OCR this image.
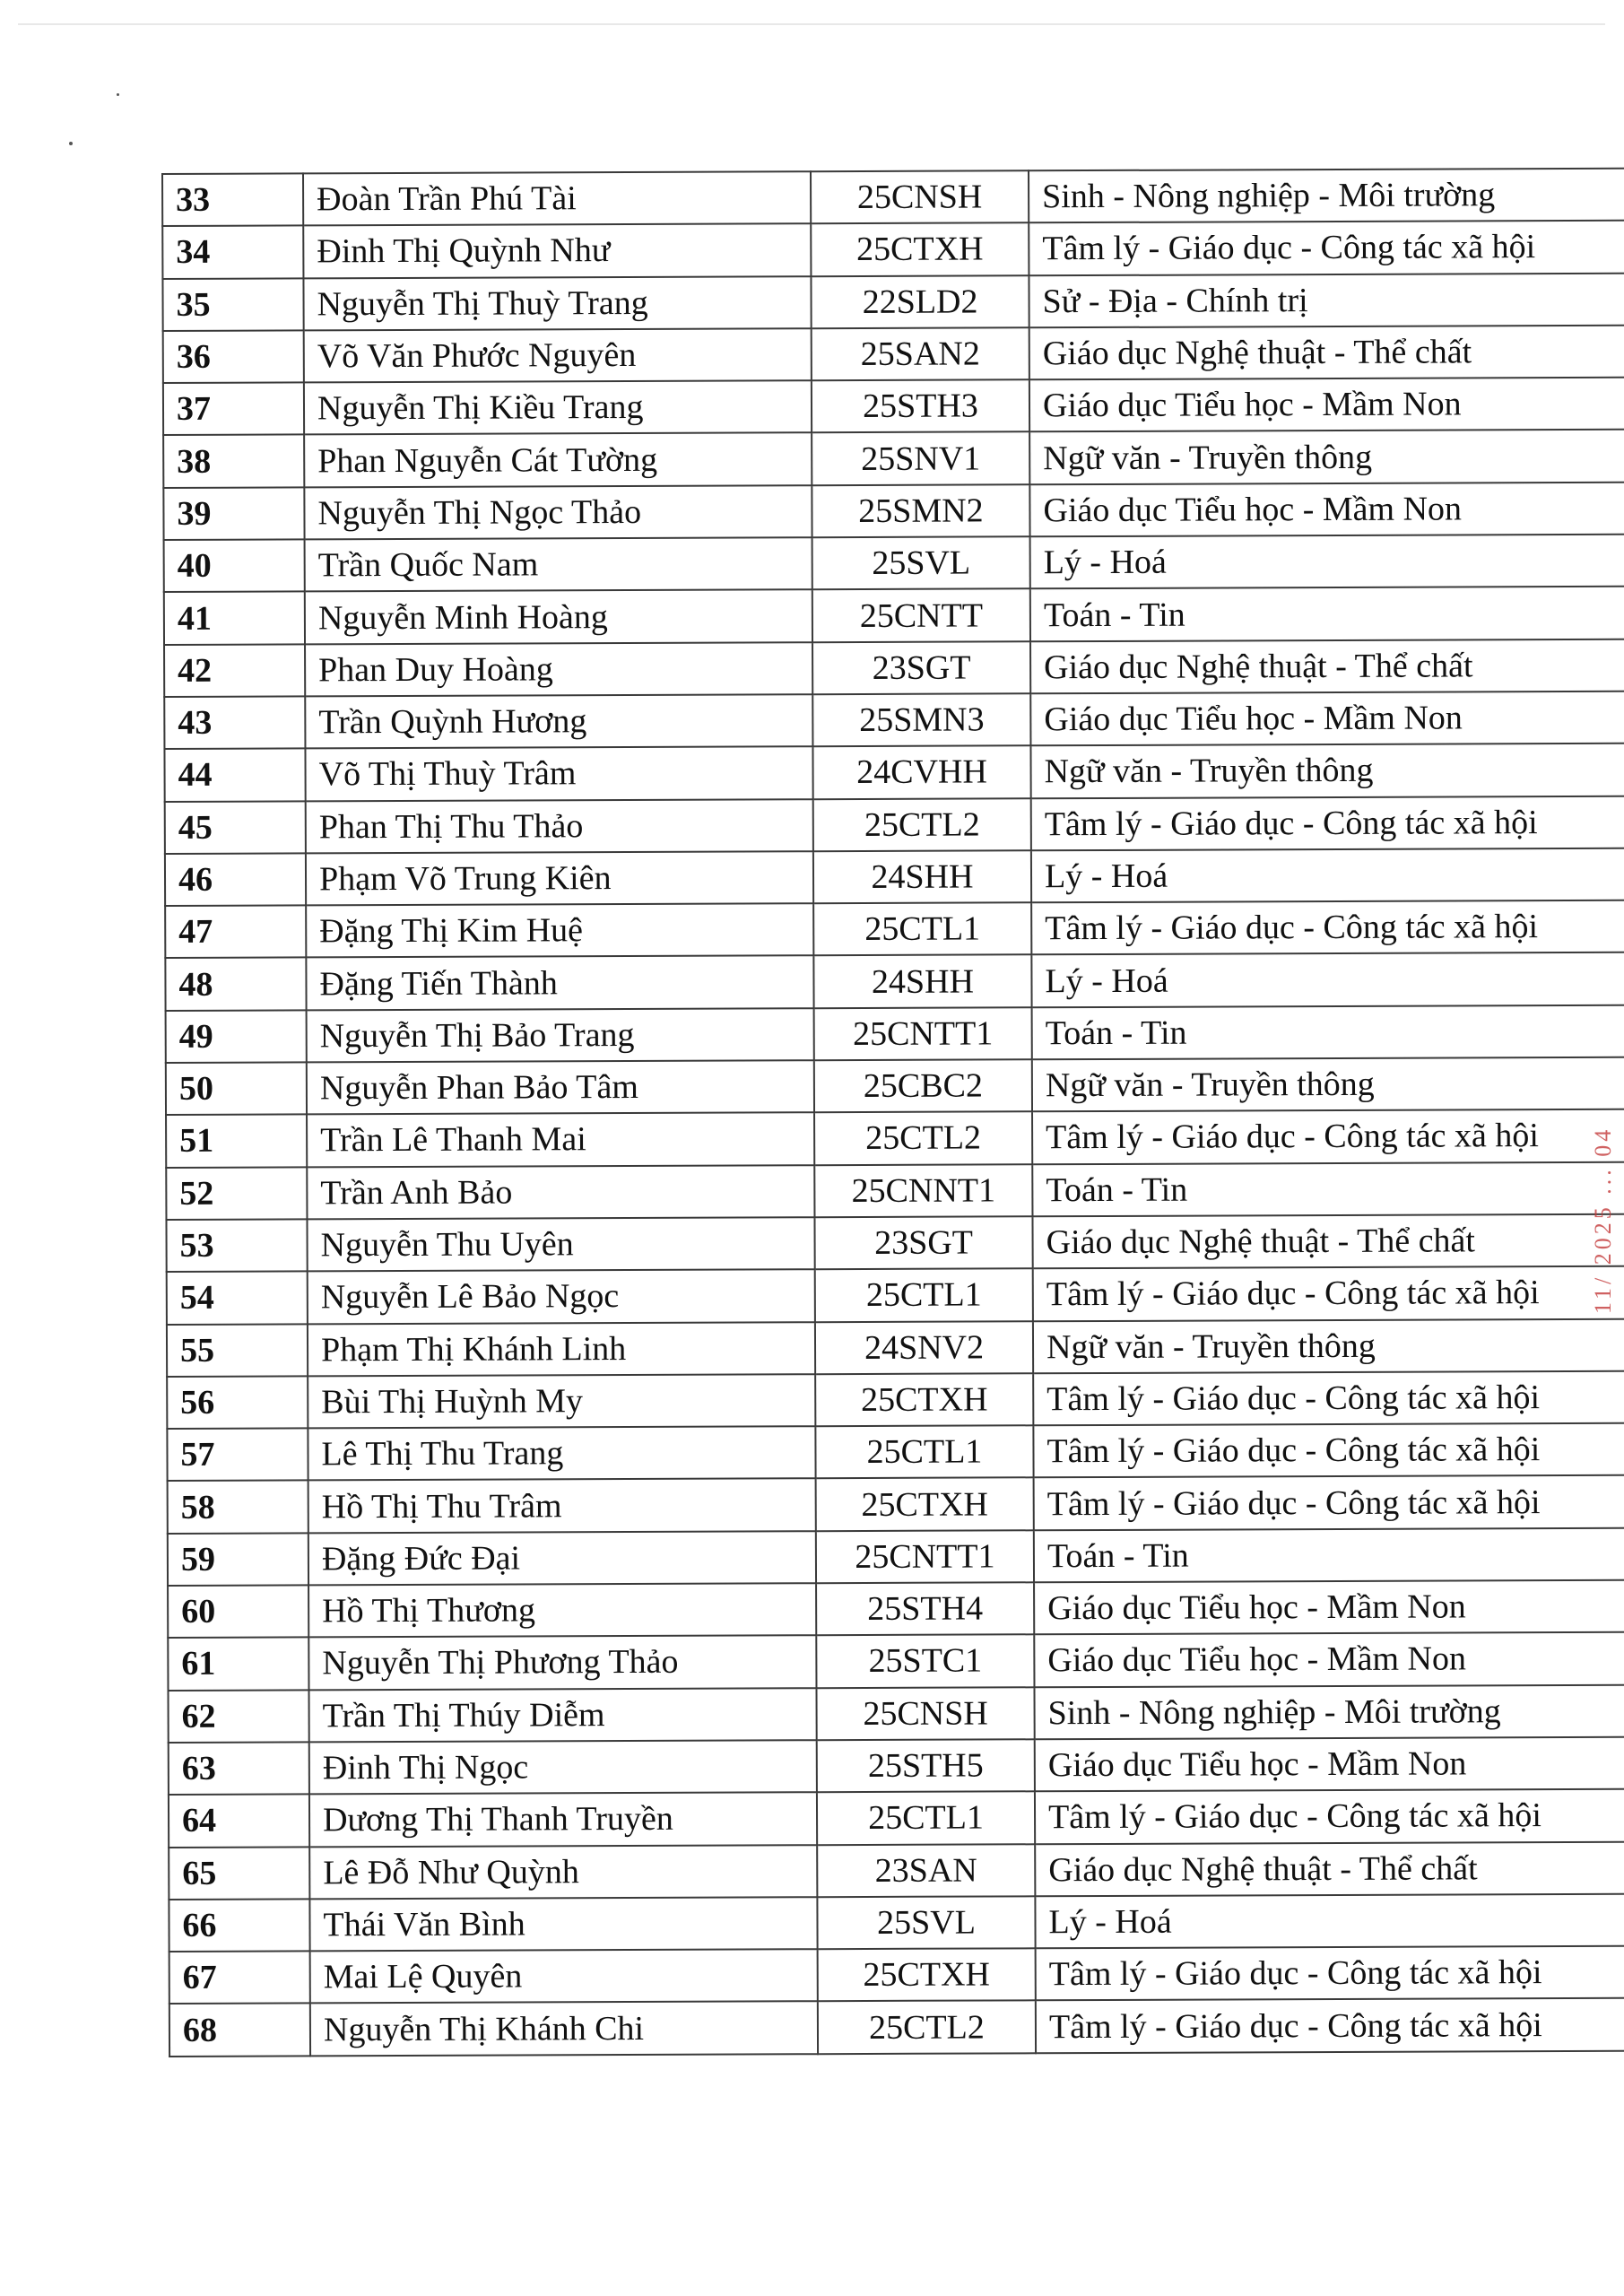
33	Đoàn Trần Phú Tài	25CNSH	Sinh - Nông nghiệp - Môi trường
34	Đinh Thị Quỳnh Như	25CTXH	Tâm lý - Giáo dục - Công tác xã hội
35	Nguyễn Thị Thuỳ Trang	22SLD2	Sử - Địa - Chính trị
36	Võ Văn Phước Nguyên	25SAN2	Giáo dục Nghệ thuật - Thể chất
37	Nguyễn Thị Kiều Trang	25STH3	Giáo dục Tiểu học - Mầm Non
38	Phan Nguyễn Cát Tường	25SNV1	Ngữ văn - Truyền thông
39	Nguyễn Thị Ngọc Thảo	25SMN2	Giáo dục Tiểu học - Mầm Non
40	Trần Quốc Nam	25SVL	Lý - Hoá
41	Nguyễn Minh Hoàng	25CNTT	Toán - Tin
42	Phan Duy Hoàng	23SGT	Giáo dục Nghệ thuật - Thể chất
43	Trần Quỳnh Hương	25SMN3	Giáo dục Tiểu học - Mầm Non
44	Võ Thị Thuỳ Trâm	24CVHH	Ngữ văn - Truyền thông
45	Phan Thị Thu Thảo	25CTL2	Tâm lý - Giáo dục - Công tác xã hội
46	Phạm Võ Trung Kiên	24SHH	Lý - Hoá
47	Đặng Thị Kim Huệ	25CTL1	Tâm lý - Giáo dục - Công tác xã hội
48	Đặng Tiến Thành	24SHH	Lý - Hoá
49	Nguyễn Thị Bảo Trang	25CNTT1	Toán - Tin
50	Nguyễn Phan Bảo Tâm	25CBC2	Ngữ văn - Truyền thông
51	Trần Lê Thanh Mai	25CTL2	Tâm lý - Giáo dục - Công tác xã hội
52	Trần Anh Bảo	25CNNT1	Toán - Tin
53	Nguyễn Thu Uyên	23SGT	Giáo dục Nghệ thuật - Thể chất
54	Nguyễn Lê Bảo Ngọc	25CTL1	Tâm lý - Giáo dục - Công tác xã hội
55	Phạm Thị Khánh Linh	24SNV2	Ngữ văn - Truyền thông
56	Bùi Thị Huỳnh My	25CTXH	Tâm lý - Giáo dục - Công tác xã hội
57	Lê Thị Thu Trang	25CTL1	Tâm lý - Giáo dục - Công tác xã hội
58	Hồ Thị Thu Trâm	25CTXH	Tâm lý - Giáo dục - Công tác xã hội
59	Đặng Đức Đại	25CNTT1	Toán - Tin
60	Hồ Thị Thương	25STH4	Giáo dục Tiểu học - Mầm Non
61	Nguyễn Thị Phương Thảo	25STC1	Giáo dục Tiểu học - Mầm Non
62	Trần Thị Thúy Diễm	25CNSH	Sinh - Nông nghiệp - Môi trường
63	Đinh Thị Ngọc	25STH5	Giáo dục Tiểu học - Mầm Non
64	Dương Thị Thanh Truyền	25CTL1	Tâm lý - Giáo dục - Công tác xã hội
65	Lê Đỗ Như Quỳnh	23SAN	Giáo dục Nghệ thuật - Thể chất
66	Thái Văn Bình	25SVL	Lý - Hoá
67	Mai Lệ Quyên	25CTXH	Tâm lý - Giáo dục - Công tác xã hội
68	Nguyễn Thị Khánh Chi	25CTL2	Tâm lý - Giáo dục - Công tác xã hội
11/ 2025 ... 04
